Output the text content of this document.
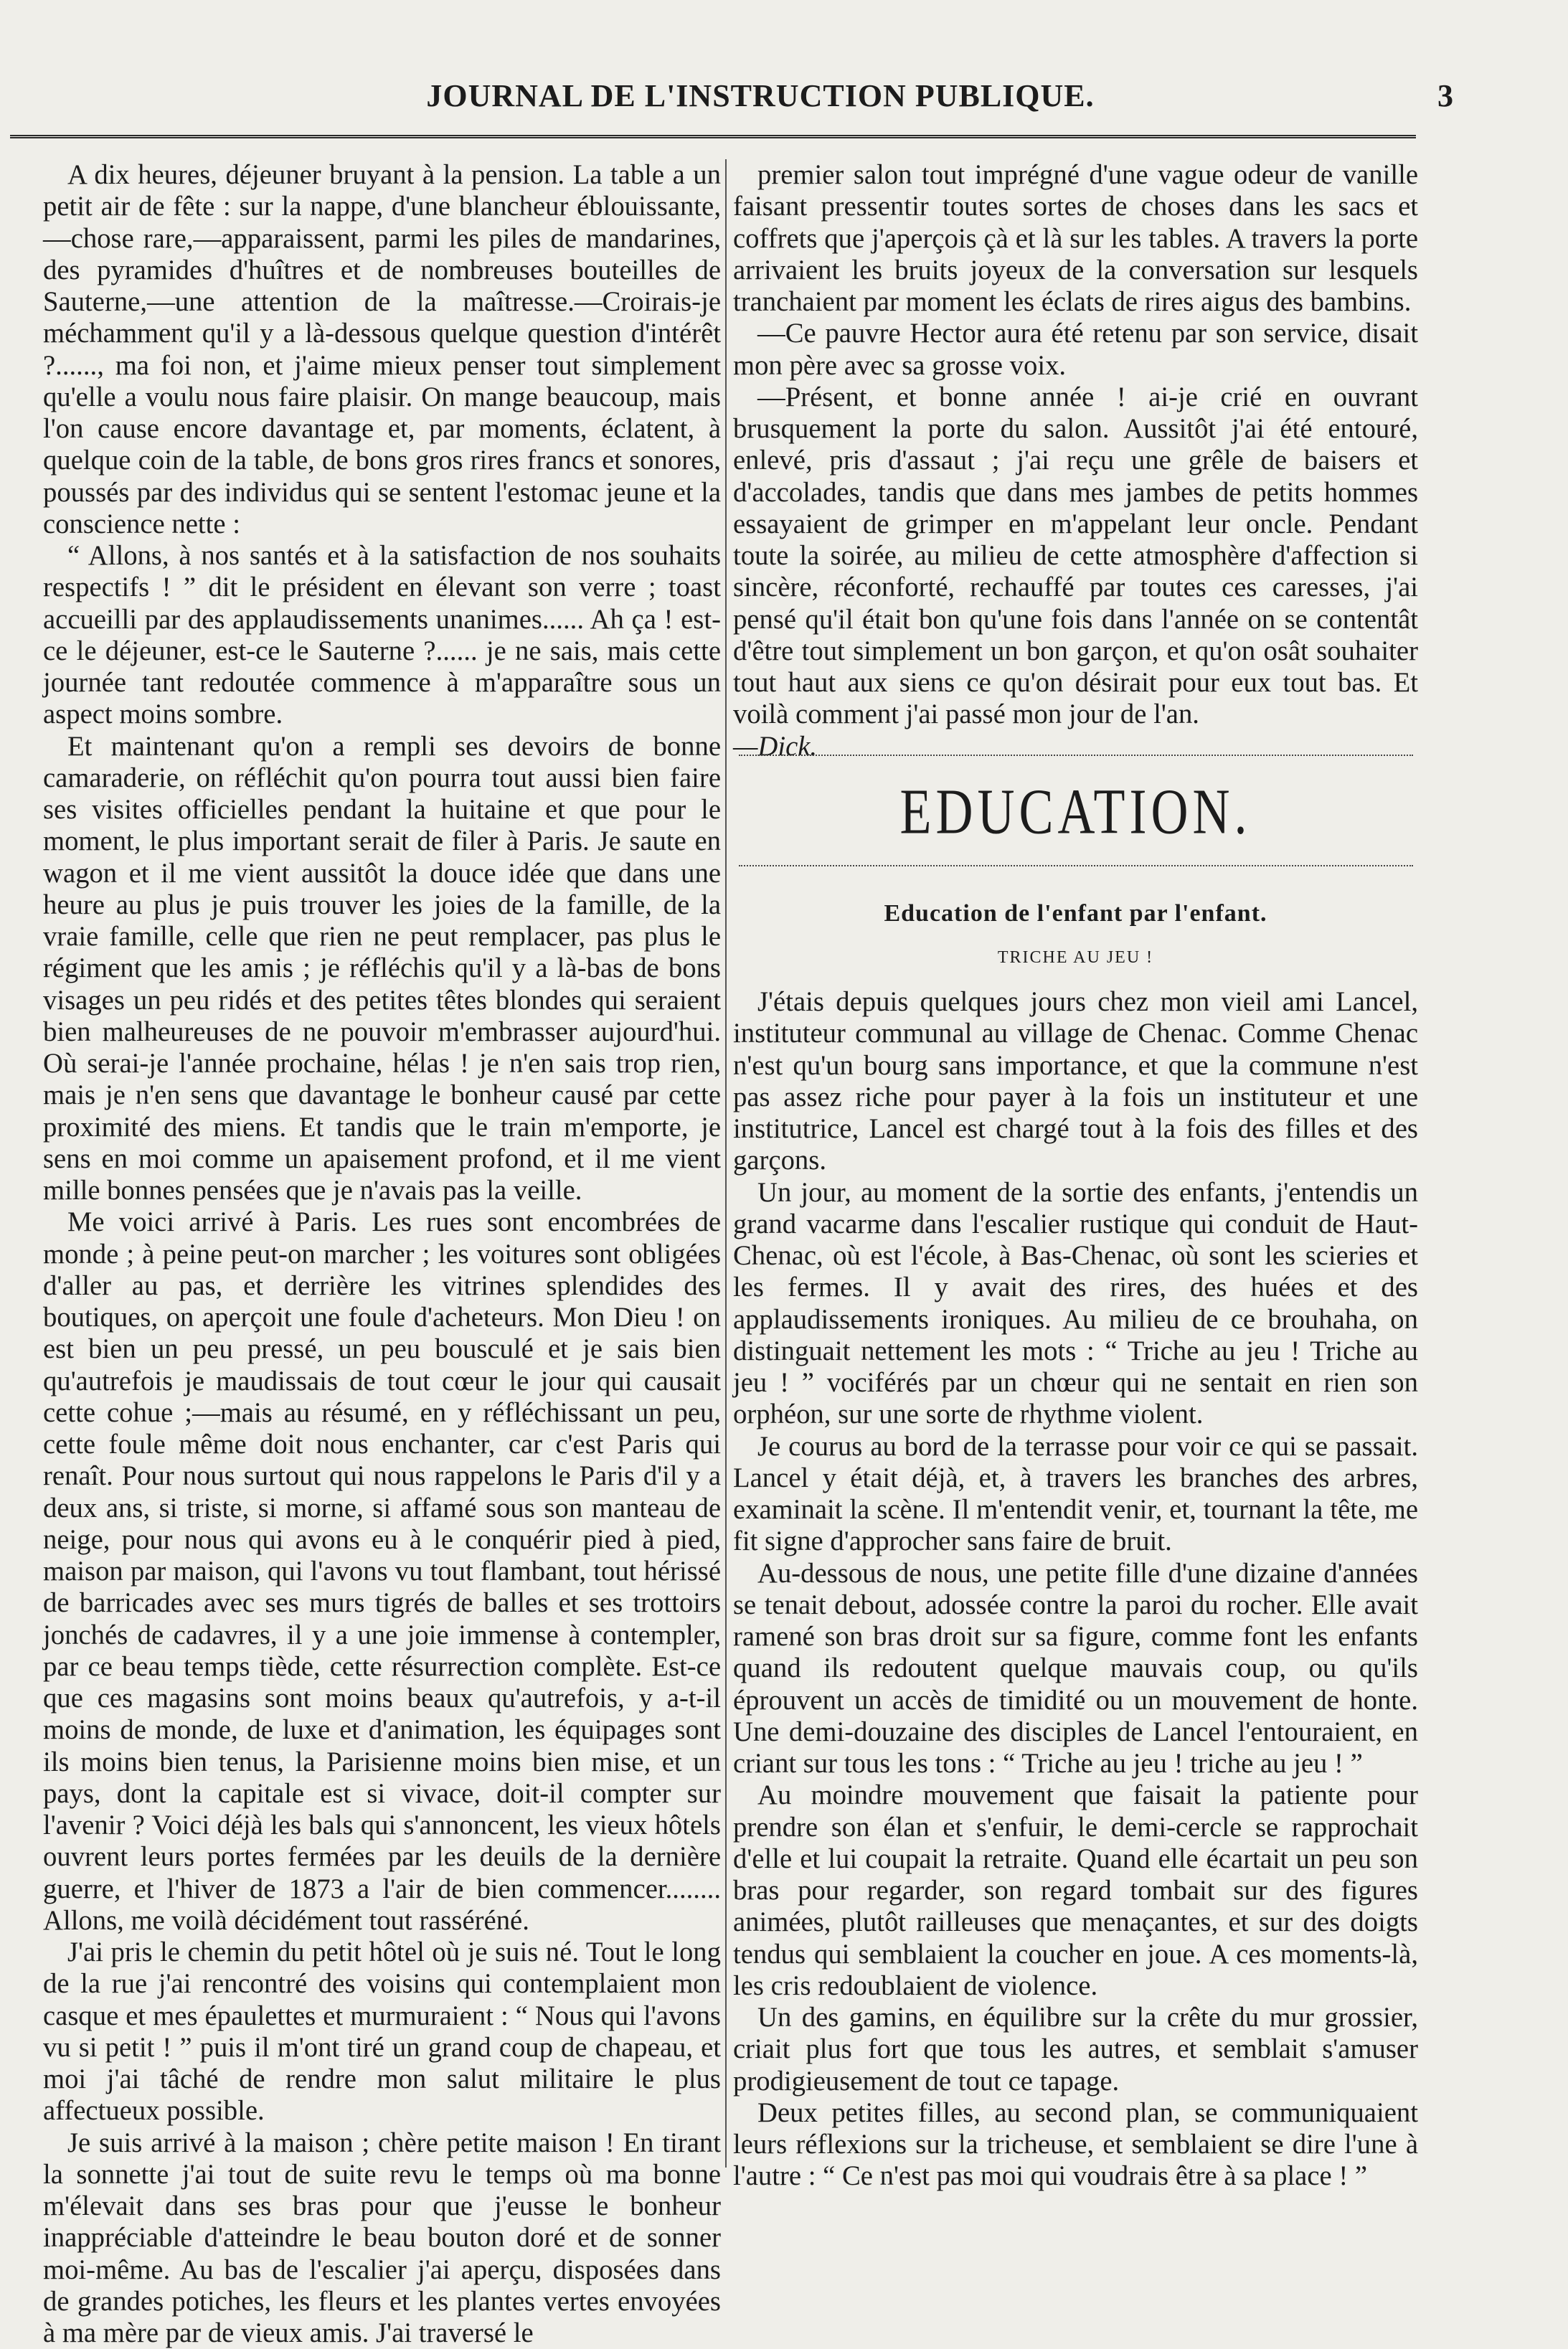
JOURNAL DE L'INSTRUCTION PUBLIQUE.	3

A dix heures, déjeuner bruyant à la pension. La table a un petit air de fête : sur la nappe, d'une blancheur éblouissante,—chose rare,—apparaissent, parmi les piles de mandarines, des pyramides d'huîtres et de nombreuses bouteilles de Sauterne,—une attention de la maîtresse.—Croirais-je méchamment qu'il y a là-dessous quelque question d'intérêt ?......, ma foi non, et j'aime mieux penser tout simplement qu'elle a voulu nous faire plaisir. On mange beaucoup, mais l'on cause encore davantage et, par moments, éclatent, à quelque coin de la table, de bons gros rires francs et sonores, poussés par des individus qui se sentent l'estomac jeune et la conscience nette :

“ Allons, à nos santés et à la satisfaction de nos souhaits respectifs ! ” dit le président en élevant son verre ; toast accueilli par des applaudissements unanimes...... Ah ça ! est-ce le déjeuner, est-ce le Sauterne ?...... je ne sais, mais cette journée tant redoutée commence à m'apparaître sous un aspect moins sombre.

Et maintenant qu'on a rempli ses devoirs de bonne camaraderie, on réfléchit qu'on pourra tout aussi bien faire ses visites officielles pendant la huitaine et que pour le moment, le plus important serait de filer à Paris. Je saute en wagon et il me vient aussitôt la douce idée que dans une heure au plus je puis trouver les joies de la famille, de la vraie famille, celle que rien ne peut remplacer, pas plus le régiment que les amis ; je réfléchis qu'il y a là-bas de bons visages un peu ridés et des petites têtes blondes qui seraient bien malheureuses de ne pouvoir m'embrasser aujourd'hui. Où serai-je l'année prochaine, hélas ! je n'en sais trop rien, mais je n'en sens que davantage le bonheur causé par cette proximité des miens. Et tandis que le train m'emporte, je sens en moi comme un apaisement profond, et il me vient mille bonnes pensées que je n'avais pas la veille.

Me voici arrivé à Paris. Les rues sont encombrées de monde ; à peine peut-on marcher ; les voitures sont obligées d'aller au pas, et derrière les vitrines splendides des boutiques, on aperçoit une foule d'acheteurs. Mon Dieu ! on est bien un peu pressé, un peu bousculé et je sais bien qu'autrefois je maudissais de tout cœur le jour qui causait cette cohue ;—mais au résumé, en y réfléchissant un peu, cette foule même doit nous enchanter, car c'est Paris qui renaît. Pour nous surtout qui nous rappelons le Paris d'il y a deux ans, si triste, si morne, si affamé sous son manteau de neige, pour nous qui avons eu à le conquérir pied à pied, maison par maison, qui l'avons vu tout flambant, tout hérissé de barricades avec ses murs tigrés de balles et ses trottoirs jonchés de cadavres, il y a une joie immense à contempler, par ce beau temps tiède, cette résurrection complète. Est-ce que ces magasins sont moins beaux qu'autrefois, y a-t-il moins de monde, de luxe et d'animation, les équipages sont ils moins bien tenus, la Parisienne moins bien mise, et un pays, dont la capitale est si vivace, doit-il compter sur l'avenir ? Voici déjà les bals qui s'annoncent, les vieux hôtels ouvrent leurs portes fermées par les deuils de la dernière guerre, et l'hiver de 1873 a l'air de bien commencer........ Allons, me voilà décidément tout rasséréné.

J'ai pris le chemin du petit hôtel où je suis né. Tout le long de la rue j'ai rencontré des voisins qui contemplaient mon casque et mes épaulettes et murmuraient : “ Nous qui l'avons vu si petit ! ” puis il m'ont tiré un grand coup de chapeau, et moi j'ai tâché de rendre mon salut militaire le plus affectueux possible.

Je suis arrivé à la maison ; chère petite maison ! En tirant la sonnette j'ai tout de suite revu le temps où ma bonne m'élevait dans ses bras pour que j'eusse le bonheur inappréciable d'atteindre le beau bouton doré et de sonner moi-même. Au bas de l'escalier j'ai aperçu, disposées dans de grandes potiches, les fleurs et les plantes vertes envoyées à ma mère par de vieux amis. J'ai traversé le

premier salon tout imprégné d'une vague odeur de vanille faisant pressentir toutes sortes de choses dans les sacs et coffrets que j'aperçois çà et là sur les tables. A travers la porte arrivaient les bruits joyeux de la conversation sur lesquels tranchaient par moment les éclats de rires aigus des bambins.

—Ce pauvre Hector aura été retenu par son service, disait mon père avec sa grosse voix.

—Présent, et bonne année ! ai-je crié en ouvrant brusquement la porte du salon. Aussitôt j'ai été entouré, enlevé, pris d'assaut ; j'ai reçu une grêle de baisers et d'accolades, tandis que dans mes jambes de petits hommes essayaient de grimper en m'appelant leur oncle. Pendant toute la soirée, au milieu de cette atmosphère d'affection si sincère, réconforté, rechauffé par toutes ces caresses, j'ai pensé qu'il était bon qu'une fois dans l'année on se contentât d'être tout simplement un bon garçon, et qu'on osât souhaiter tout haut aux siens ce qu'on désirait pour eux tout bas. Et voilà comment j'ai passé mon jour de l'an.

—Dick.

EDUCATION.
Education de l'enfant par l'enfant.
TRICHE AU JEU !

J'étais depuis quelques jours chez mon vieil ami Lancel, instituteur communal au village de Chenac. Comme Chenac n'est qu'un bourg sans importance, et que la commune n'est pas assez riche pour payer à la fois un instituteur et une institutrice, Lancel est chargé tout à la fois des filles et des garçons.

Un jour, au moment de la sortie des enfants, j'entendis un grand vacarme dans l'escalier rustique qui conduit de Haut-Chenac, où est l'école, à Bas-Chenac, où sont les scieries et les fermes. Il y avait des rires, des huées et des applaudissements ironiques. Au milieu de ce brouhaha, on distinguait nettement les mots : “ Triche au jeu ! Triche au jeu ! ” vociférés par un chœur qui ne sentait en rien son orphéon, sur une sorte de rhythme violent.

Je courus au bord de la terrasse pour voir ce qui se passait. Lancel y était déjà, et, à travers les branches des arbres, examinait la scène. Il m'entendit venir, et, tournant la tête, me fit signe d'approcher sans faire de bruit.

Au-dessous de nous, une petite fille d'une dizaine d'années se tenait debout, adossée contre la paroi du rocher. Elle avait ramené son bras droit sur sa figure, comme font les enfants quand ils redoutent quelque mauvais coup, ou qu'ils éprouvent un accès de timidité ou un mouvement de honte. Une demi-douzaine des disciples de Lancel l'entouraient, en criant sur tous les tons : “ Triche au jeu ! triche au jeu ! ”

Au moindre mouvement que faisait la patiente pour prendre son élan et s'enfuir, le demi-cercle se rapprochait d'elle et lui coupait la retraite. Quand elle écartait un peu son bras pour regarder, son regard tombait sur des figures animées, plutôt railleuses que menaçantes, et sur des doigts tendus qui semblaient la coucher en joue. A ces moments-là, les cris redoublaient de violence.

Un des gamins, en équilibre sur la crête du mur grossier, criait plus fort que tous les autres, et semblait s'amuser prodigieusement de tout ce tapage.

Deux petites filles, au second plan, se communiquaient leurs réflexions sur la tricheuse, et semblaient se dire l'une à l'autre : “ Ce n'est pas moi qui voudrais être à sa place ! ”
